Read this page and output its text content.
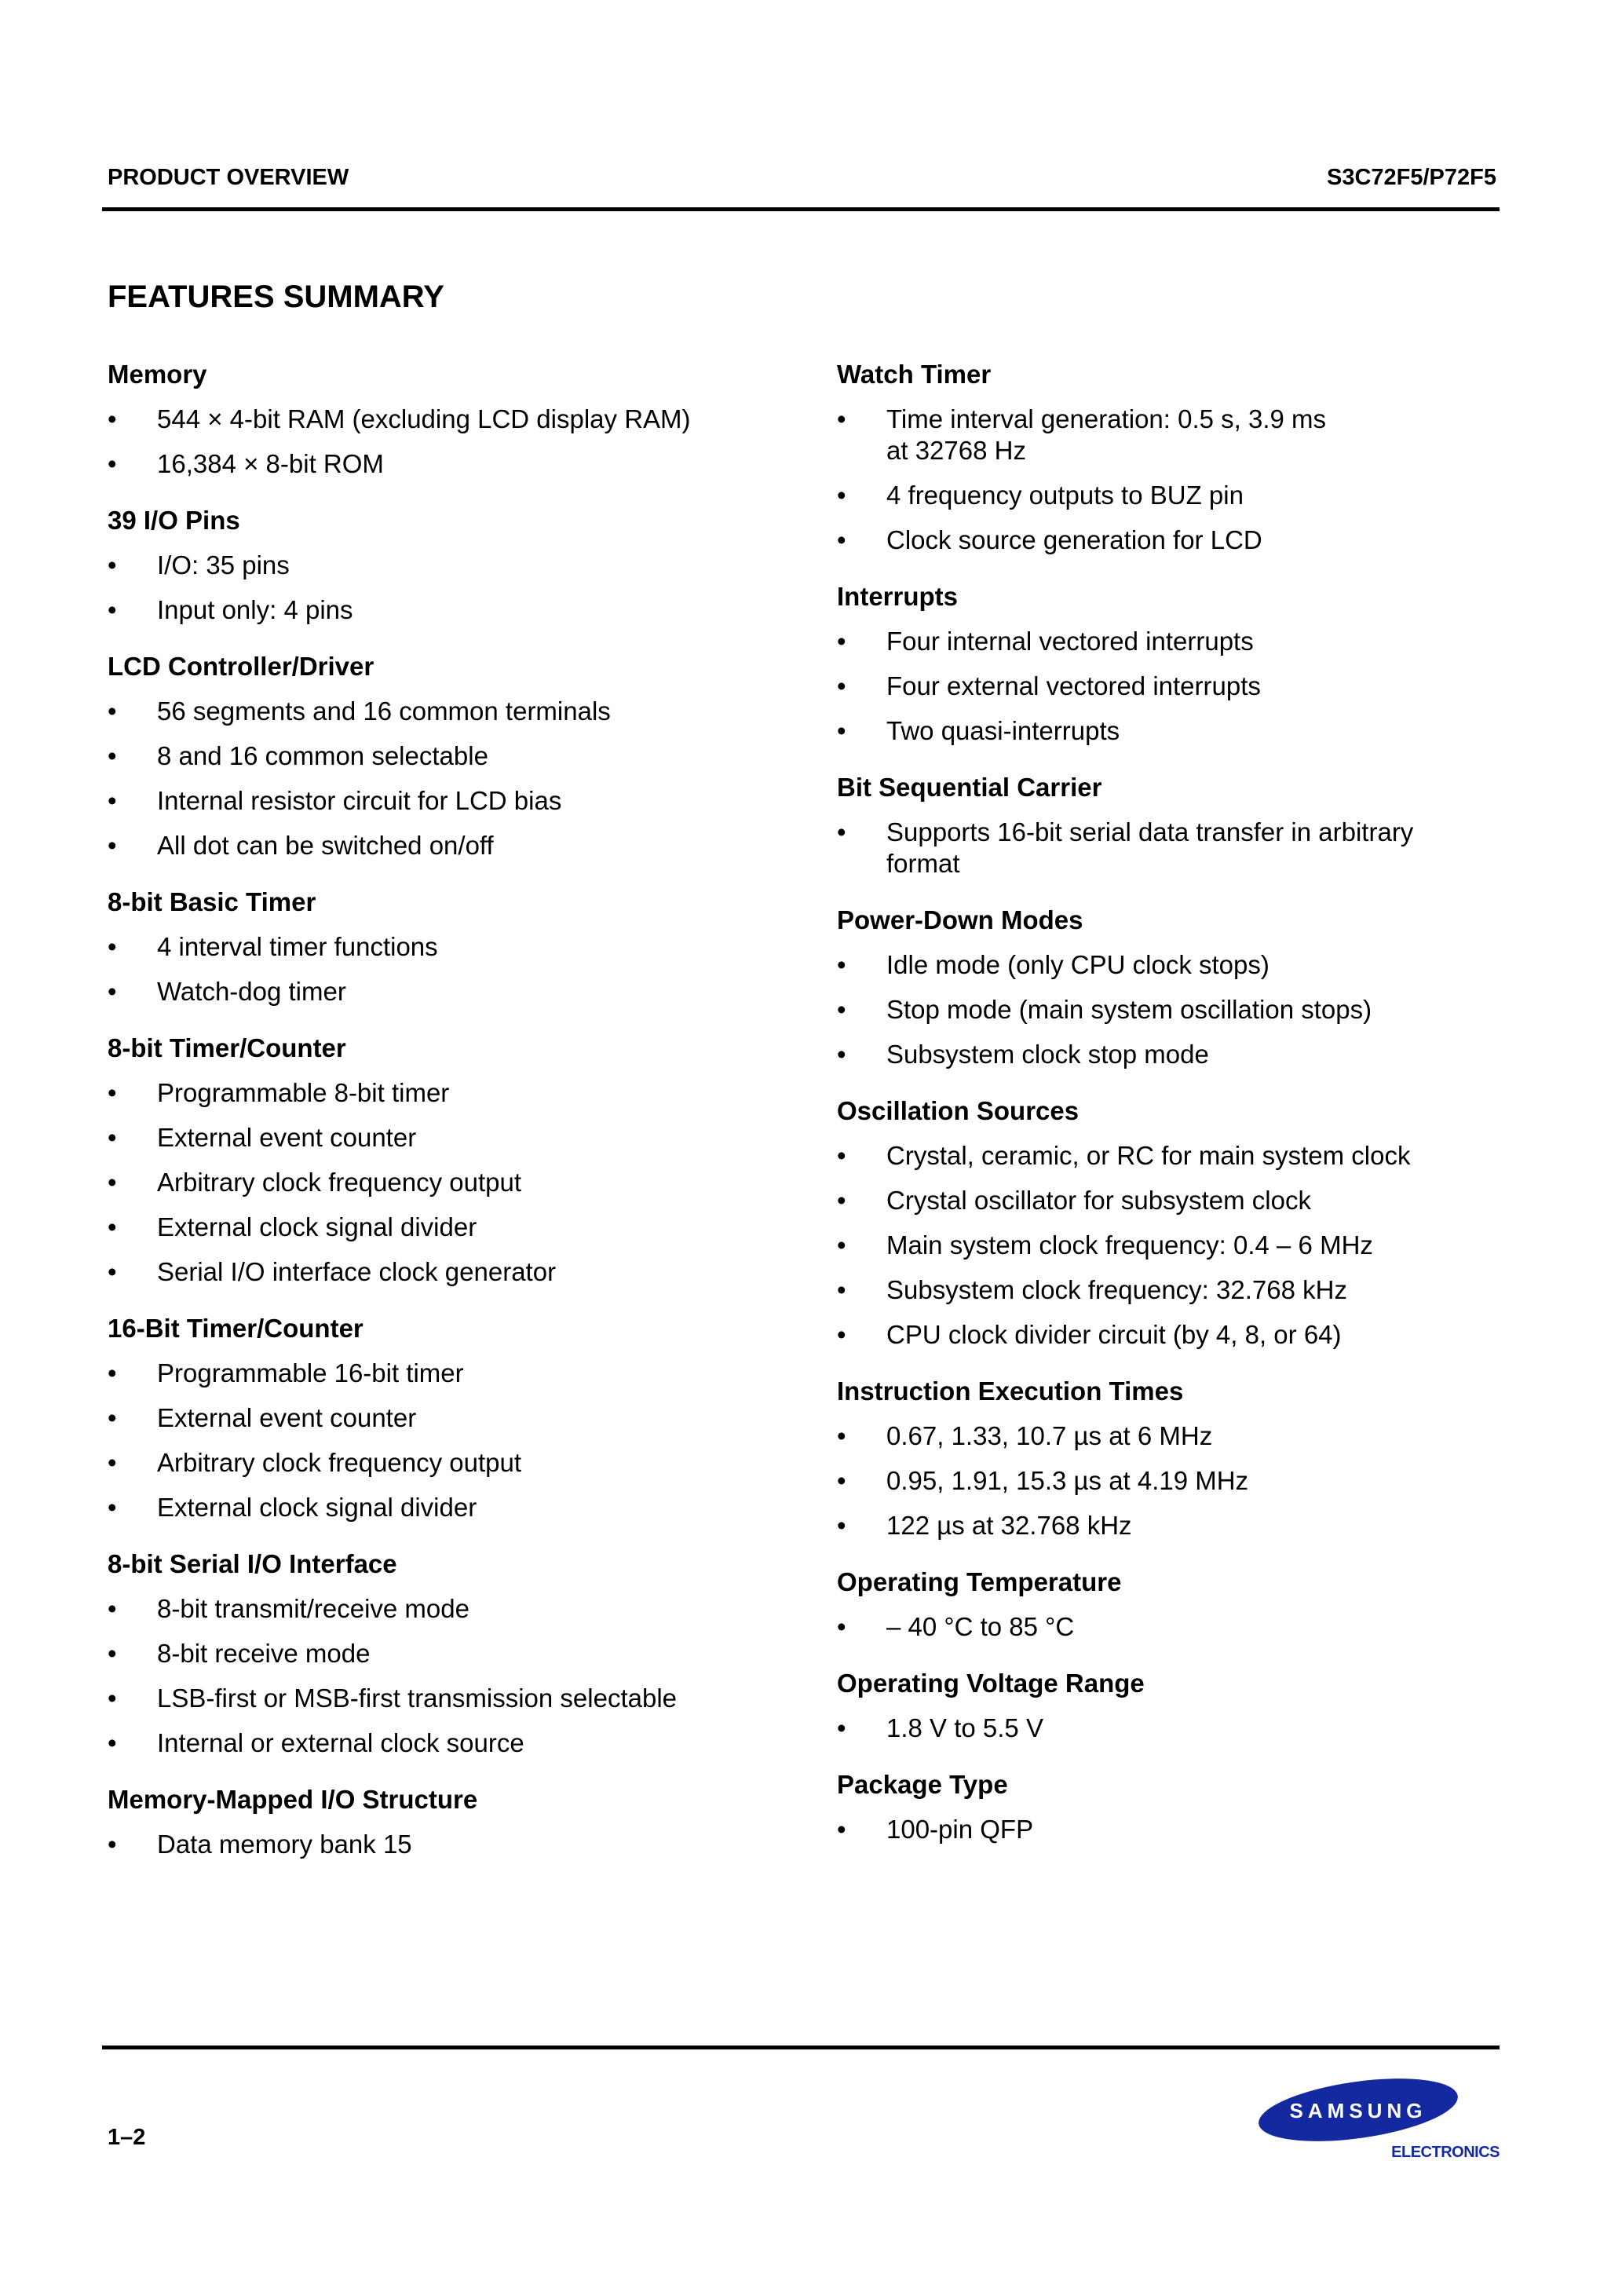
PRODUCT OVERVIEW	S3C72F5/P72F5
FEATURES SUMMARY
Memory
• 544 × 4-bit RAM (excluding LCD display RAM)
• 16,384 × 8-bit ROM
39 I/O Pins
• I/O: 35 pins
• Input only: 4 pins
LCD Controller/Driver
• 56 segments and 16 common terminals
• 8 and 16 common selectable
• Internal resistor circuit for LCD bias
• All dot can be switched on/off
8-bit Basic Timer
• 4 interval timer functions
• Watch-dog timer
8-bit Timer/Counter
• Programmable 8-bit timer
• External event counter
• Arbitrary clock frequency output
• External clock signal divider
• Serial I/O interface clock generator
16-Bit Timer/Counter
• Programmable 16-bit timer
• External event counter
• Arbitrary clock frequency output
• External clock signal divider
8-bit Serial I/O Interface
• 8-bit transmit/receive mode
• 8-bit receive mode
• LSB-first or MSB-first transmission selectable
• Internal or external clock source
Memory-Mapped I/O Structure
• Data memory bank 15
Watch Timer
• Time interval generation: 0.5 s, 3.9 ms
at 32768 Hz
• 4 frequency outputs to BUZ pin
• Clock source generation for LCD
Interrupts
• Four internal vectored interrupts
• Four external vectored interrupts
• Two quasi-interrupts
Bit Sequential Carrier
• Supports 16-bit serial data transfer in arbitrary
format
Power-Down Modes
• Idle mode (only CPU clock stops)
• Stop mode (main system oscillation stops)
• Subsystem clock stop mode
Oscillation Sources
• Crystal, ceramic, or RC for main system clock
• Crystal oscillator for subsystem clock
• Main system clock frequency: 0.4 – 6 MHz
• Subsystem clock frequency: 32.768 kHz
• CPU clock divider circuit (by 4, 8, or 64)
Instruction Execution Times
• 0.67, 1.33, 10.7 µs at 6 MHz
• 0.95, 1.91, 15.3 µs at 4.19 MHz
• 122 µs at 32.768 kHz
Operating Temperature
• – 40 °C to 85 °C
Operating Voltage Range
• 1.8 V to 5.5 V
Package Type
• 100-pin QFP
1–2
SAMSUNG
ELECTRONICS
